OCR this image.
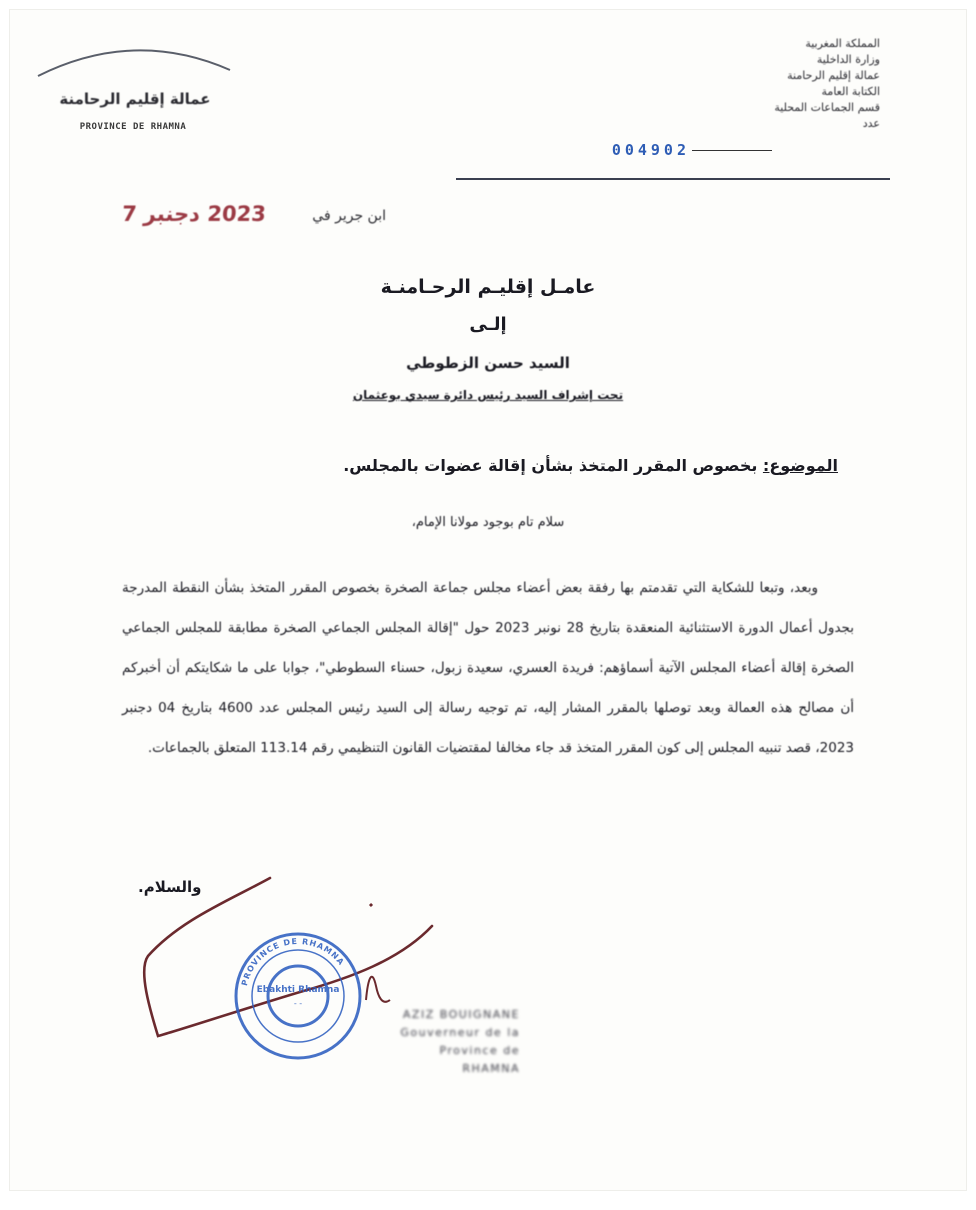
عمالة إقليم الرحامنة
PROVINCE DE RHAMNA
المملكة المغربية
وزارة الداخلية
عمالة إقليم الرحامنة
الكتابة العامة
قسم الجماعات المحلية
عدد
004902
ابن جرير في
2023 دجنبر 7
عامـل إقليـم الرحـامنـة
إلـى
السيد حسن الزطوطي
تحت إشراف السيد رئيس دائرة سيدي بوعثمان
الموضوع: بخصوص المقرر المتخذ بشأن إقالة عضوات بالمجلس.
سلام تام بوجود مولانا الإمام،
وبعد، وتبعا للشكاية التي تقدمتم بها رفقة بعض أعضاء مجلس جماعة الصخرة بخصوص المقرر المتخذ بشأن النقطة المدرجة بجدول أعمال الدورة الاستثنائية المنعقدة بتاريخ 28 نونبر 2023 حول "إقالة المجلس الجماعي الصخرة مطابقة للمجلس الجماعي الصخرة إقالة أعضاء المجلس الآتية أسماؤهم: فريدة العسري، سعيدة زبول، حسناء السطوطي"، جوابا على ما شكايتكم أن أخبركم أن مصالح هذه العمالة وبعد توصلها بالمقرر المشار إليه، تم توجيه رسالة إلى السيد رئيس المجلس عدد 4600 بتاريخ 04 دجنبر 2023، قصد تنبيه المجلس إلى كون المقرر المتخذ قد جاء مخالفا لمقتضيات القانون التنظيمي رقم 113.14 المتعلق بالجماعات.
والسلام.
Ebakhti Rhamna
- -
PROVINCE DE RHAMNA
AZIZ BOUIGNANE
Gouverneur de la
Province de
RHAMNA
